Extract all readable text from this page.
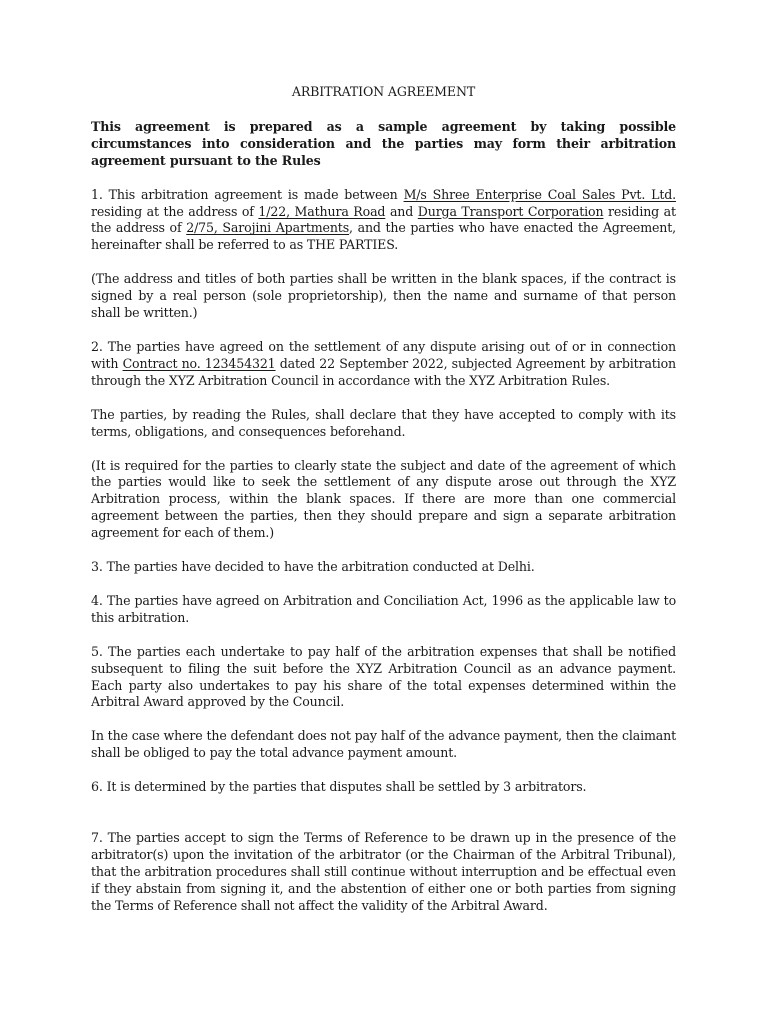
ARBITRATION AGREEMENT

This agreement is prepared as a sample agreement by taking possible circumstances into consideration and the parties may form their arbitration agreement pursuant to the Rules

1. This arbitration agreement is made between M/s Shree Enterprise Coal Sales Pvt. Ltd. residing at the address of 1/22, Mathura Road and Durga Transport Corporation residing at the address of 2/75, Sarojini Apartments, and the parties who have enacted the Agreement, hereinafter shall be referred to as THE PARTIES.

(The address and titles of both parties shall be written in the blank spaces, if the contract is signed by a real person (sole proprietorship), then the name and surname of that person shall be written.)

2. The parties have agreed on the settlement of any dispute arising out of or in connection with Contract no. 123454321 dated 22 September 2022, subjected Agreement by arbitration through the XYZ Arbitration Council in accordance with the XYZ Arbitration Rules.

The parties, by reading the Rules, shall declare that they have accepted to comply with its terms, obligations, and consequences beforehand.

(It is required for the parties to clearly state the subject and date of the agreement of which the parties would like to seek the settlement of any dispute arose out through the XYZ Arbitration process, within the blank spaces. If there are more than one commercial agreement between the parties, then they should prepare and sign a separate arbitration agreement for each of them.)

3. The parties have decided to have the arbitration conducted at Delhi.

4. The parties have agreed on Arbitration and Conciliation Act, 1996 as the applicable law to this arbitration.

5. The parties each undertake to pay half of the arbitration expenses that shall be notified subsequent to filing the suit before the XYZ Arbitration Council as an advance payment. Each party also undertakes to pay his share of the total expenses determined within the Arbitral Award approved by the Council.

In the case where the defendant does not pay half of the advance payment, then the claimant shall be obliged to pay the total advance payment amount.

6. It is determined by the parties that disputes shall be settled by 3 arbitrators.

7. The parties accept to sign the Terms of Reference to be drawn up in the presence of the arbitrator(s) upon the invitation of the arbitrator (or the Chairman of the Arbitral Tribunal), that the arbitration procedures shall still continue without interruption and be effectual even if they abstain from signing it, and the abstention of either one or both parties from signing the Terms of Reference shall not affect the validity of the Arbitral Award.
